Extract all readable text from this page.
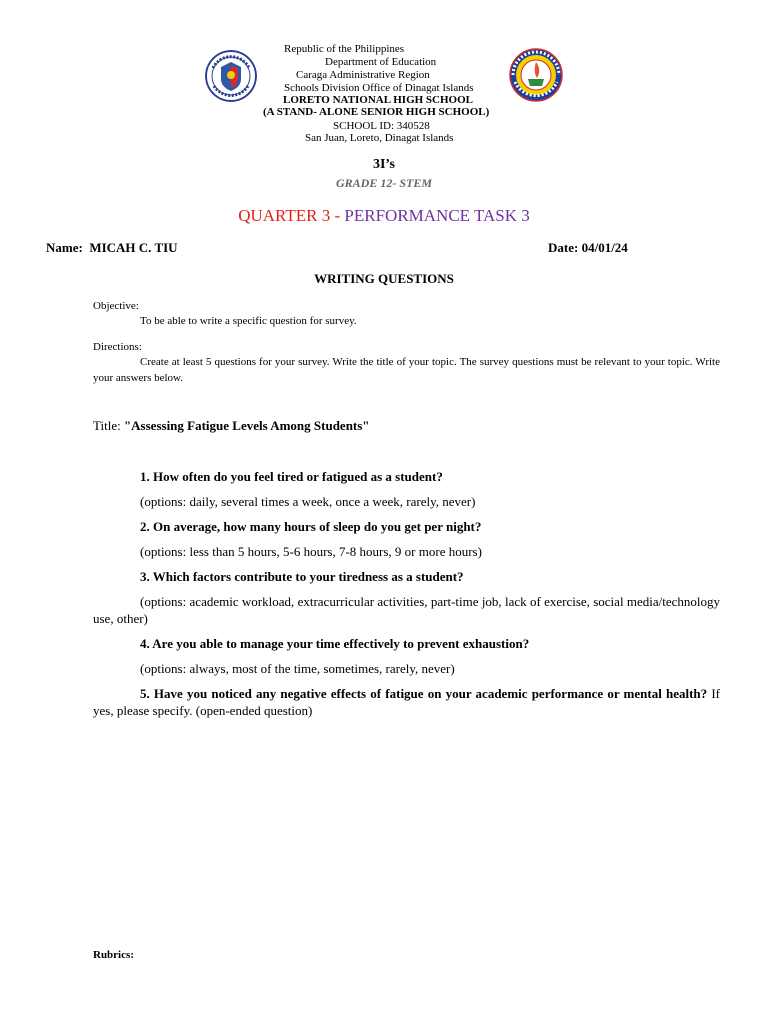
Republic of the Philippines
Department of Education
Caraga Administrative Region
Schools Division Office of Dinagat Islands
LORETO NATIONAL HIGH SCHOOL
(A STAND- ALONE SENIOR HIGH SCHOOL)
SCHOOL ID: 340528
San Juan, Loreto, Dinagat Islands
3I’s
GRADE 12- STEM
QUARTER 3 - PERFORMANCE TASK 3
Name: MICAH C. TIU	Date: 04/01/24
WRITING QUESTIONS
Objective:
To be able to write a specific question for survey.
Directions:
Create at least 5 questions for your survey. Write the title of your topic. The survey questions must be relevant to your topic. Write your answers below.
Title: "Assessing Fatigue Levels Among Students"
1. How often do you feel tired or fatigued as a student?
(options: daily, several times a week, once a week, rarely, never)
2. On average, how many hours of sleep do you get per night?
(options: less than 5 hours, 5-6 hours, 7-8 hours, 9 or more hours)
3. Which factors contribute to your tiredness as a student?
(options: academic workload, extracurricular activities, part-time job, lack of exercise, social media/technology use, other)
4. Are you able to manage your time effectively to prevent exhaustion?
(options: always, most of the time, sometimes, rarely, never)
5. Have you noticed any negative effects of fatigue on your academic performance or mental health? If yes, please specify. (open-ended question)
Rubrics:
